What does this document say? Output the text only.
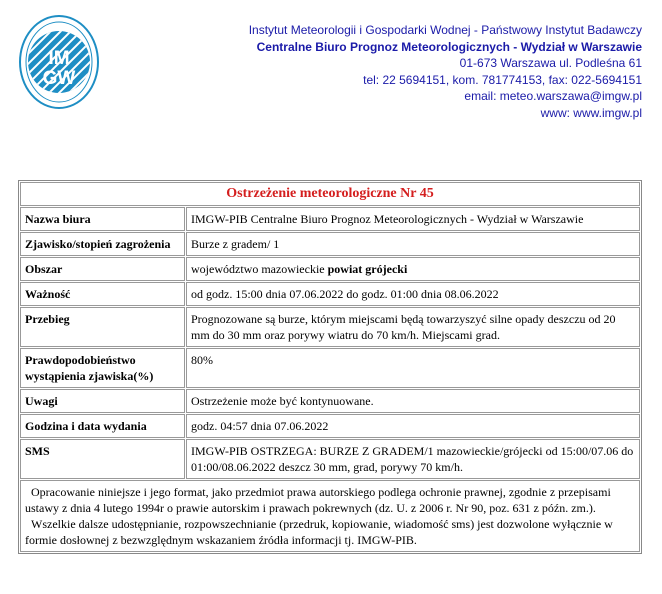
IM
GW
Instytut Meteorologii i Gospodarki Wodnej - Państwowy Instytut Badawczy
Centralne Biuro Prognoz Meteorologicznych - Wydział w Warszawie
01-673 Warszawa ul. Podleśna 61
tel: 22 5694151, kom. 781774153, fax: 022-5694151
email: meteo.warszawa@imgw.pl
www: www.imgw.pl
Ostrzeżenie meteorologiczne Nr 45	
Nazwa biura	IMGW-PIB Centralne Biuro Prognoz Meteorologicznych - Wydział w Warszawie
Zjawisko/stopień zagrożenia	Burze z gradem/ 1
Obszar	województwo mazowieckie powiat grójecki
Ważność	od godz. 15:00 dnia 07.06.2022 do godz. 01:00 dnia 08.06.2022
Przebieg	Prognozowane są burze, którym miejscami będą towarzyszyć silne opady deszczu od 20 mm do 30 mm oraz porywy wiatru do 70 km/h. Miejscami grad.
Prawdopodobieństwo wystąpienia zjawiska(%)	80%
Uwagi	Ostrzeżenie może być kontynuowane.
Godzina i data wydania	godz. 04:57 dnia 07.06.2022
SMS	IMGW-PIB OSTRZEGA: BURZE Z GRADEM/1 mazowieckie/grójecki od 15:00/07.06 do 01:00/08.06.2022 deszcz 30 mm, grad, porywy 70 km/h.
Opracowanie niniejsze i jego format, jako przedmiot prawa autorskiego podlega ochronie prawnej, zgodnie z przepisami ustawy z dnia 4 lutego 1994r o prawie autorskim i prawach pokrewnych (dz. U. z 2006 r. Nr 90, poz. 631 z późn. zm.).
Wszelkie dalsze udostępnianie, rozpowszechnianie (przedruk, kopiowanie, wiadomość sms) jest dozwolone wyłącznie w formie dosłownej z bezwzględnym wskazaniem źródła informacji tj. IMGW-PIB.	
